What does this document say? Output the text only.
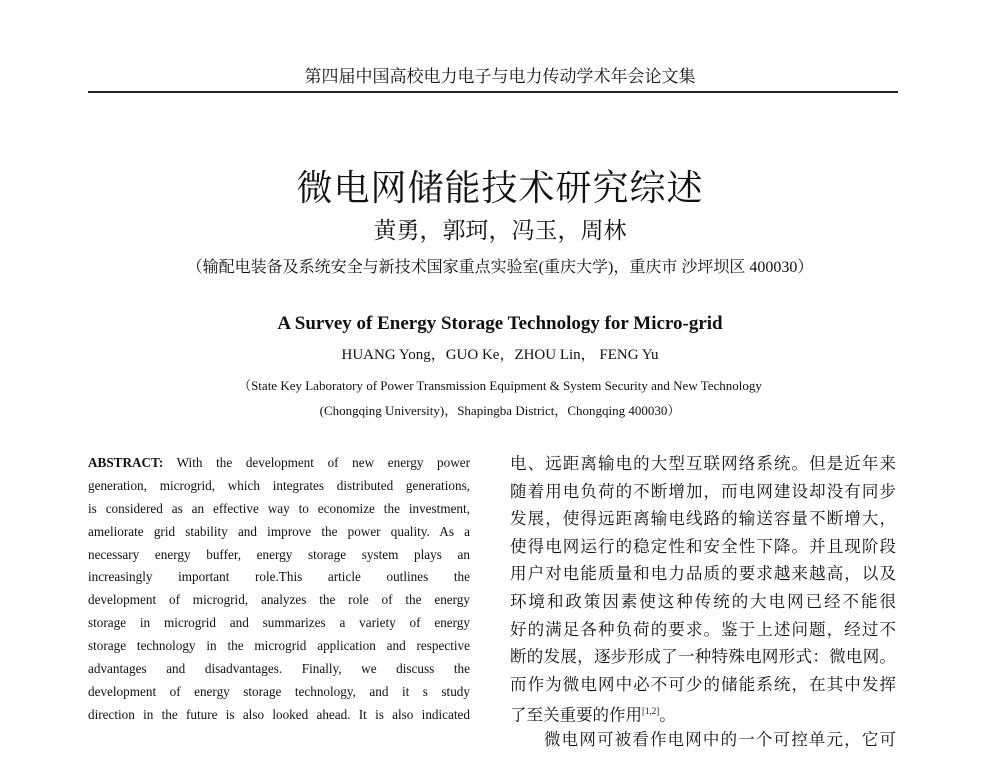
第四届中国高校电力电子与电力传动学术年会论文集
微电网储能技术研究综述
黄勇，郭珂，冯玉，周林
（输配电装备及系统安全与新技术国家重点实验室(重庆大学)，重庆市 沙坪坝区 400030）
A Survey of Energy Storage Technology for Micro-grid
HUANG Yong，GUO Ke，ZHOU Lin， FENG Yu
（State Key Laboratory of Power Transmission Equipment & System Security and New Technology
(Chongqing University)，Shapingba District，Chongqing 400030）
ABSTRACT: With the development of new energy power
generation, microgrid, which integrates distributed generations,
is considered as an effective way to economize the investment,
ameliorate grid stability and improve the power quality. As a
necessary energy buffer, energy storage system plays an
increasingly important role.This article outlines the
development of microgrid, analyzes the role of the energy
storage in microgrid and summarizes a variety of energy
storage technology in the microgrid application and respective
advantages and disadvantages. Finally, we discuss the
development of energy storage technology, and it s study
direction in the future is also looked ahead. It is also indicated
电、远距离输电的大型互联网络系统。但是近年来
随着用电负荷的不断增加，而电网建设却没有同步
发展，使得远距离输电线路的输送容量不断增大，
使得电网运行的稳定性和安全性下降。并且现阶段
用户对电能质量和电力品质的要求越来越高，以及
环境和政策因素使这种传统的大电网已经不能很
好的满足各种负荷的要求。鉴于上述问题，经过不
断的发展，逐步形成了一种特殊电网形式：微电网。
而作为微电网中必不可少的储能系统，在其中发挥
了至关重要的作用[1,2]。
微电网可被看作电网中的一个可控单元，它可
